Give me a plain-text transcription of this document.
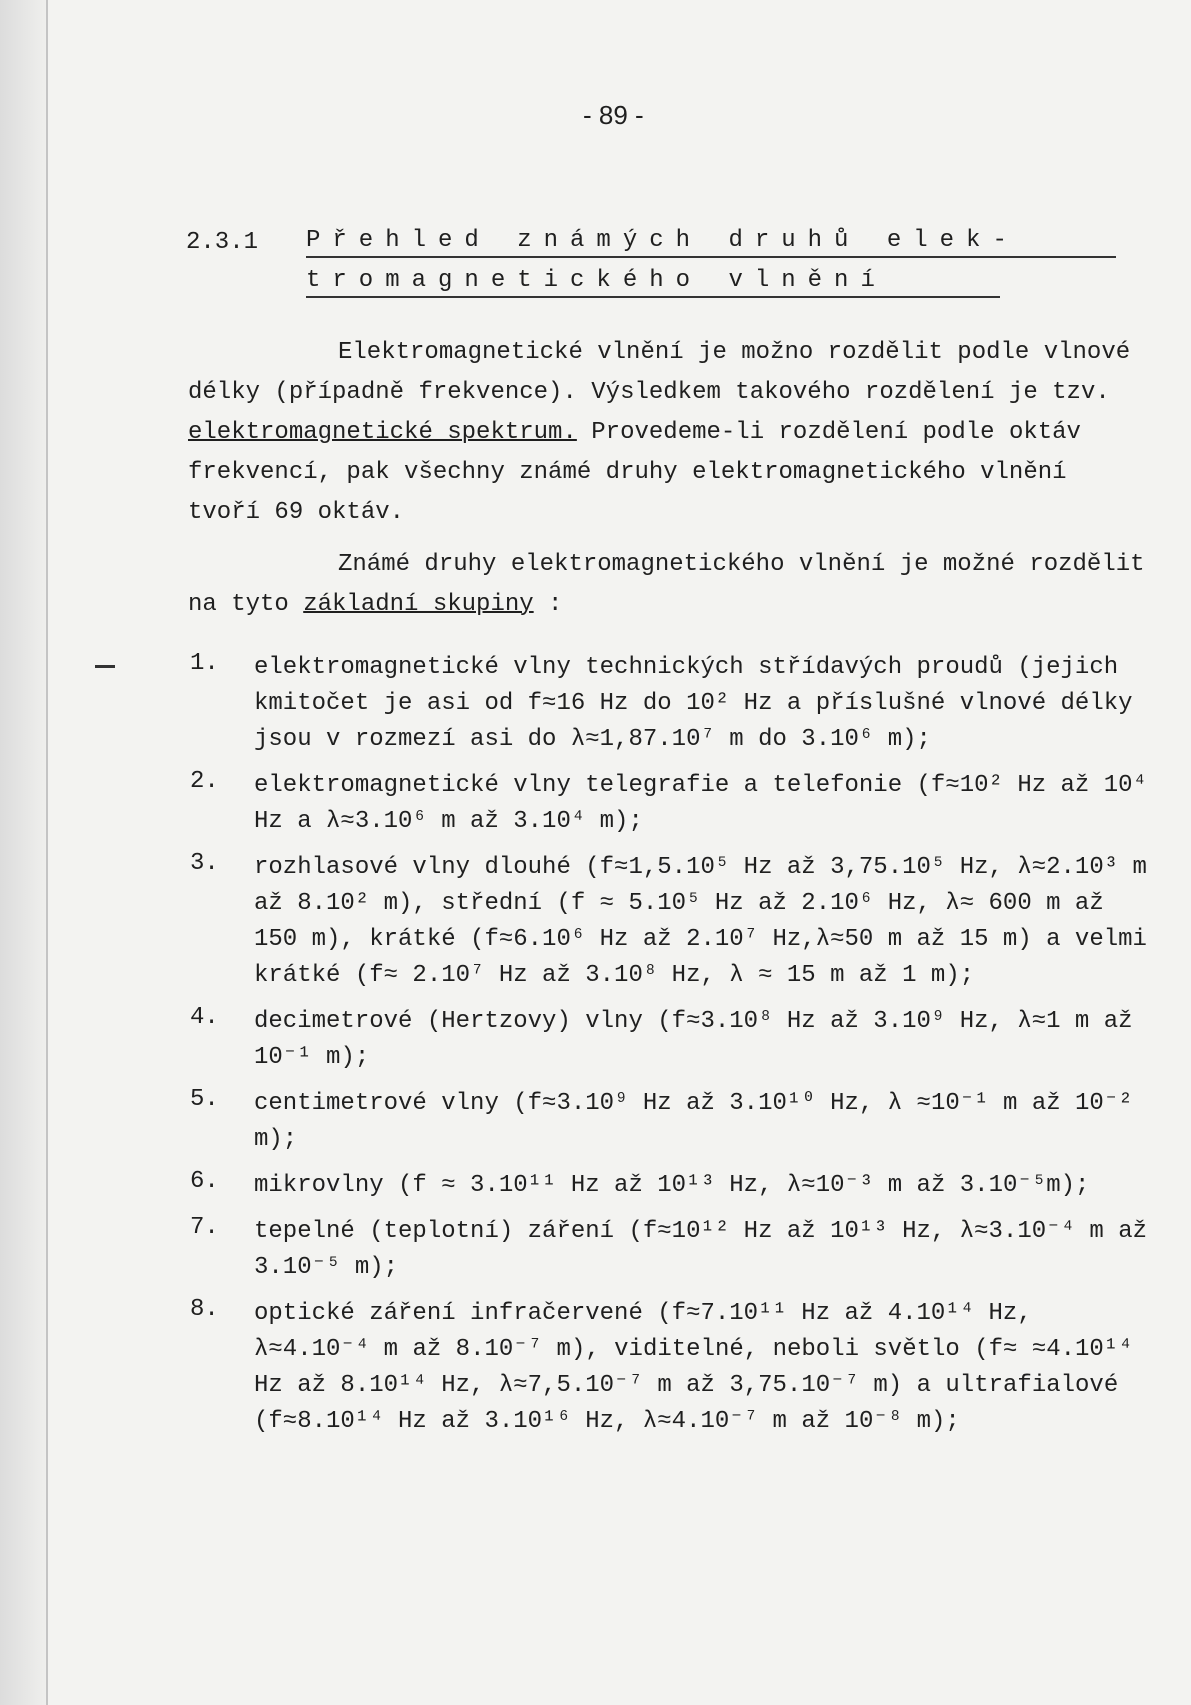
- 89 -
2.3.1 Přehled známých druhů elek-
tromagnetického vlnění
Elektromagnetické vlnění je možno rozdělit podle vlnové délky (případně frekvence). Výsledkem takového rozdělení je tzv. elektromagnetické spektrum. Provedeme-li rozdělení podle oktáv frekvencí, pak všechny známé druhy elektromagnetického vlnění tvoří 69 oktáv.
Známé druhy elektromagnetického vlnění je možné rozdělit na tyto základní skupiny :
1.	elektromagnetické vlny technických střídavých proudů (jejich kmitočet je asi od f≈16 Hz do 10² Hz a příslušné vlnové délky jsou v rozmezí asi do λ≈1,87.10⁷ m do 3.10⁶ m);
2.	elektromagnetické vlny telegrafie a telefonie (f≈10² Hz až 10⁴ Hz a λ≈3.10⁶ m až 3.10⁴ m);
3.	rozhlasové vlny dlouhé (f≈1,5.10⁵ Hz až 3,75.10⁵ Hz, λ≈2.10³ m až 8.10² m), střední (f ≈ 5.10⁵ Hz až 2.10⁶ Hz, λ≈ 600 m až 150 m), krátké (f≈6.10⁶ Hz až 2.10⁷ Hz,λ≈50 m až 15 m) a velmi krátké (f≈ 2.10⁷ Hz až 3.10⁸ Hz, λ ≈ 15 m až 1 m);
4.	decimetrové (Hertzovy) vlny (f≈3.10⁸ Hz až 3.10⁹ Hz, λ≈1 m až 10⁻¹ m);
5.	centimetrové vlny (f≈3.10⁹ Hz až 3.10¹⁰ Hz, λ ≈10⁻¹ m až 10⁻² m);
6.	mikrovlny (f ≈ 3.10¹¹ Hz až 10¹³ Hz, λ≈10⁻³ m až 3.10⁻⁵m);
7.	tepelné (teplotní) záření (f≈10¹² Hz až 10¹³ Hz, λ≈3.10⁻⁴ m až 3.10⁻⁵ m);
8.	optické záření infračervené (f≈7.10¹¹ Hz až 4.10¹⁴ Hz, λ≈4.10⁻⁴ m až 8.10⁻⁷ m), viditelné, neboli světlo (f≈ ≈4.10¹⁴ Hz až 8.10¹⁴ Hz, λ≈7,5.10⁻⁷ m až 3,75.10⁻⁷ m) a ultrafialové (f≈8.10¹⁴ Hz až 3.10¹⁶ Hz, λ≈4.10⁻⁷ m až 10⁻⁸ m);
